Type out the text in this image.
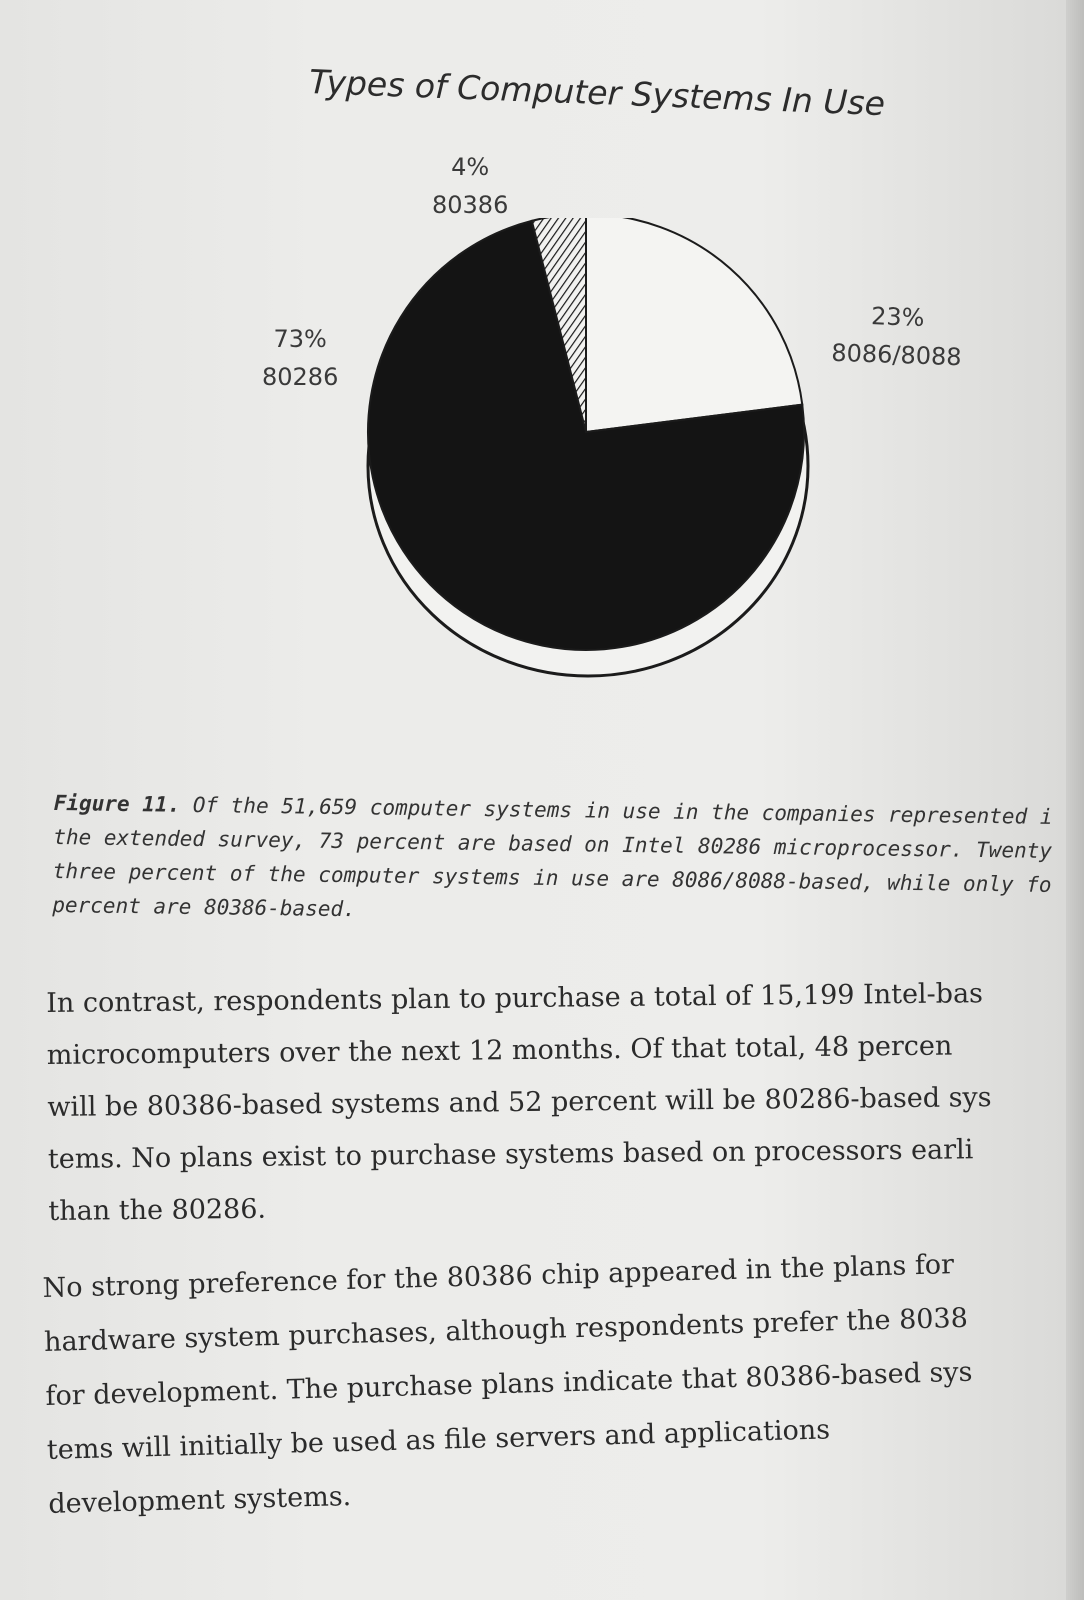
Types of Computer Systems In Use
4%
80386
73%
80286
23%
8086/8088
Figure 11. Of the 51,659 computer systems in use in the companies represented i
the extended survey, 73 percent are based on Intel 80286 microprocessor. Twenty
three percent of the computer systems in use are 8086/8088-based, while only fo
percent are 80386-based.
In contrast, respondents plan to purchase a total of 15,199 Intel-bas
microcomputers over the next 12 months. Of that total, 48 percen
will be 80386-based systems and 52 percent will be 80286-based sys
tems. No plans exist to purchase systems based on processors earli
than the 80286.
No strong preference for the 80386 chip appeared in the plans for
hardware system purchases, although respondents prefer the 8038
for development. The purchase plans indicate that 80386-based sys
tems will initially be used as file servers and applications
development systems.
